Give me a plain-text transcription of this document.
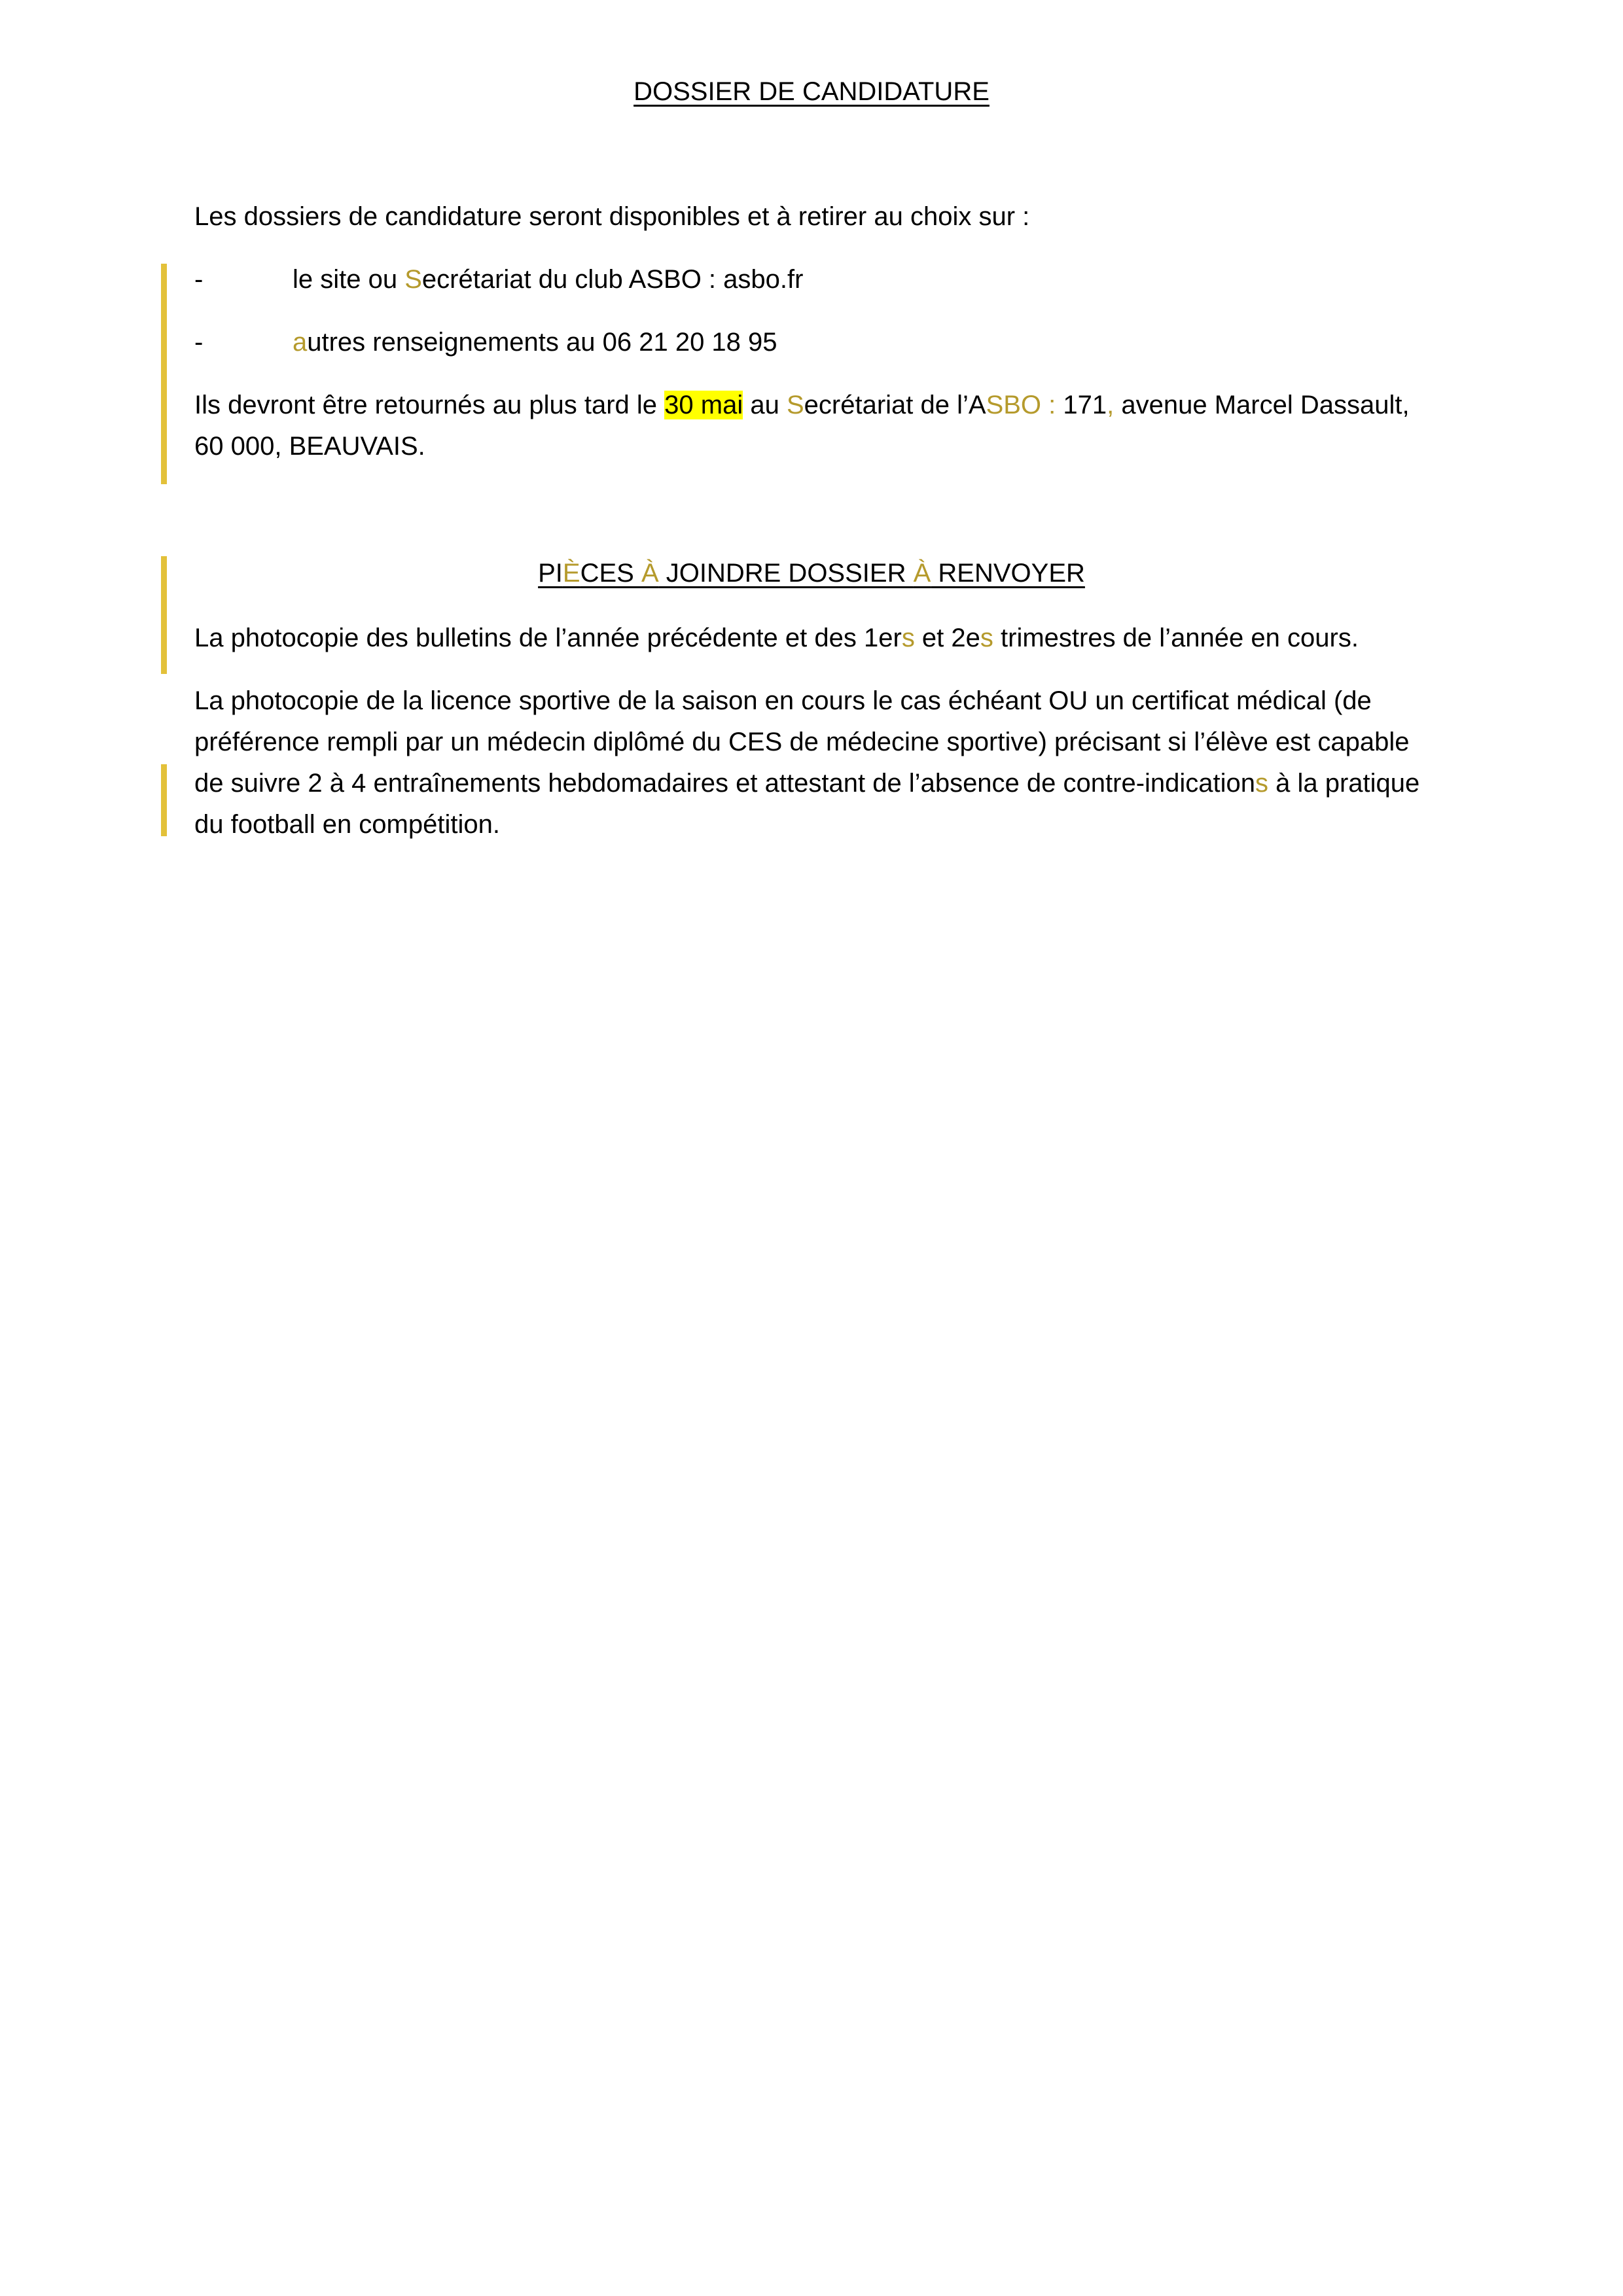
DOSSIER DE CANDIDATURE
Les dossiers de candidature seront disponibles et à retirer au choix sur :
-	le site ou Secrétariat du club ASBO : asbo.fr
-	autres renseignements au 06 21 20 18 95
Ils devront être retournés au plus tard le 30 mai au Secrétariat de l’ASBO : 171, avenue Marcel Dassault, 60 000, BEAUVAIS.
PIÈCES À JOINDRE DOSSIER À RENVOYER
La photocopie des bulletins de l’année précédente et des 1ers et 2es trimestres de l’année en cours.
La photocopie de la licence sportive de la saison en cours le cas échéant OU un certificat médical (de préférence rempli par un médecin diplômé du CES de médecine sportive) précisant si l’élève est capable de suivre 2 à 4 entraînements hebdomadaires et attestant de l’absence de contre-indications à la pratique du football en compétition.
